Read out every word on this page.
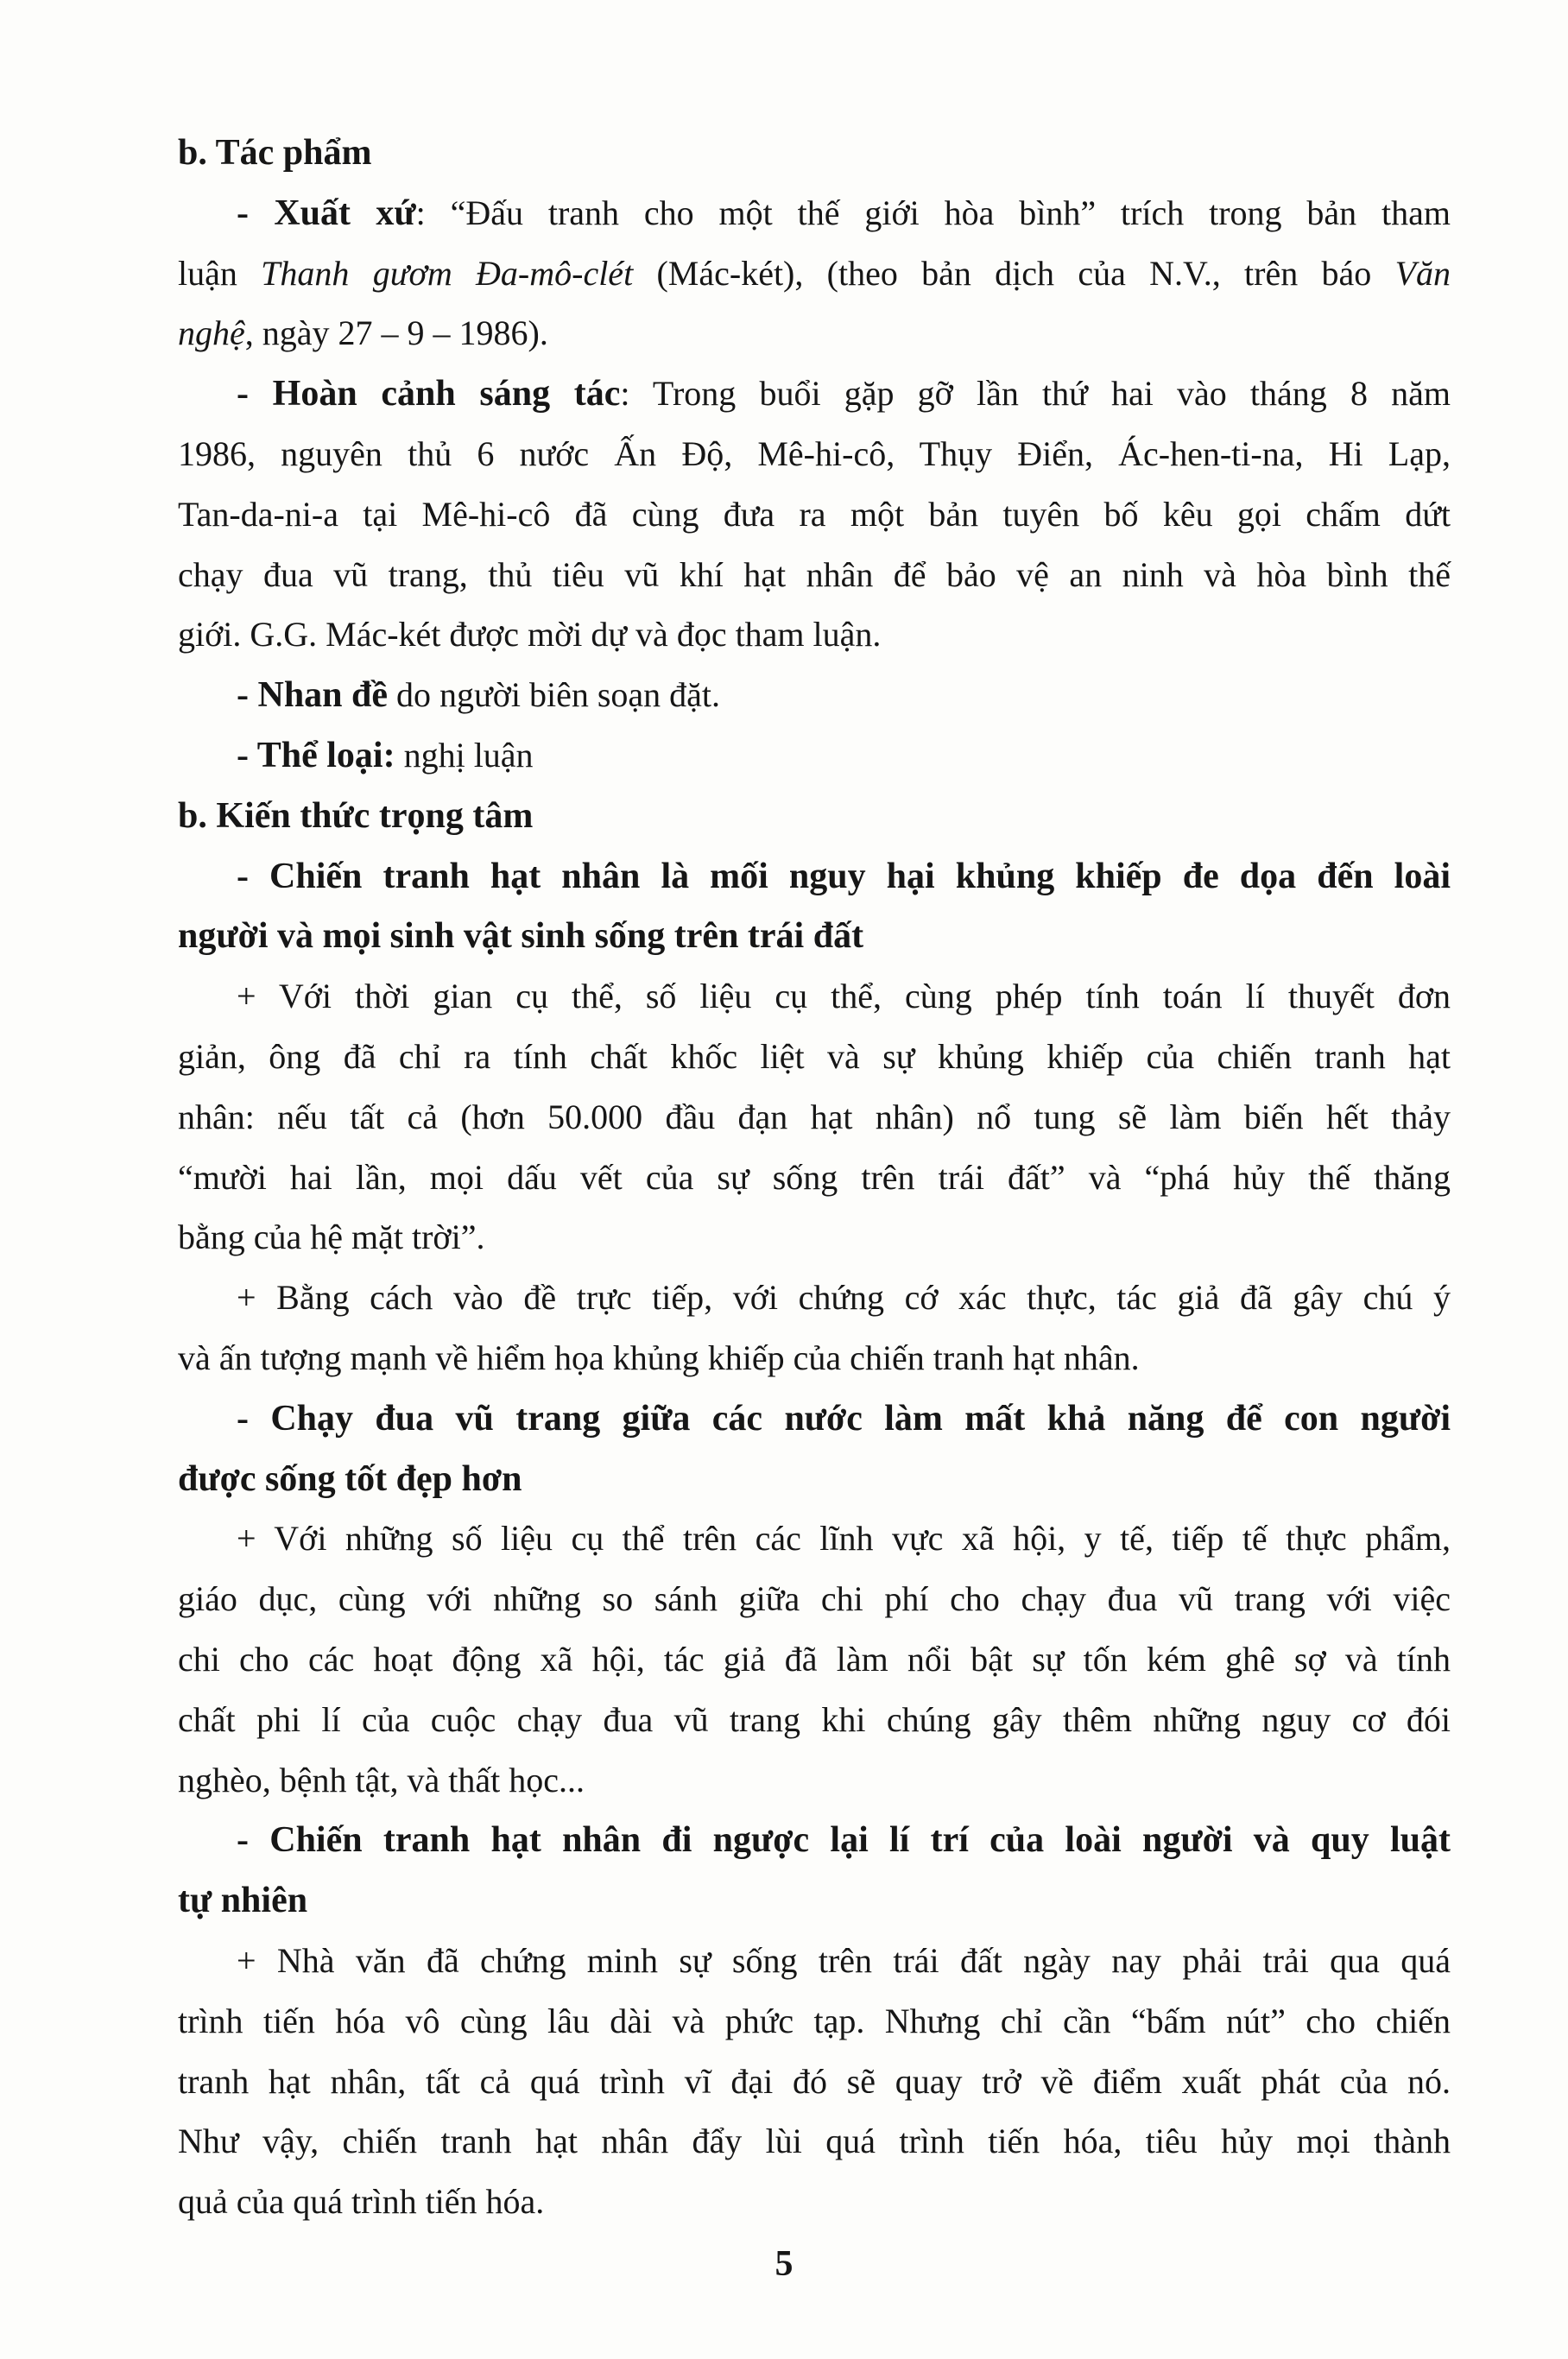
b. Tác phẩm
- Xuất xứ: “Đấu tranh cho một thế giới hòa bình” trích trong bản tham
luận Thanh gươm Đa-mô-clét (Mác-két), (theo bản dịch của N.V., trên báo Văn
nghệ, ngày 27 – 9 – 1986).
- Hoàn cảnh sáng tác: Trong buổi gặp gỡ lần thứ hai vào tháng 8 năm
1986, nguyên thủ 6 nước Ấn Độ, Mê-hi-cô, Thụy Điển, Ác-hen-ti-na, Hi Lạp,
Tan-da-ni-a tại Mê-hi-cô đã cùng đưa ra một bản tuyên bố kêu gọi chấm dứt
chạy đua vũ trang, thủ tiêu vũ khí hạt nhân để bảo vệ an ninh và hòa bình thế
giới. G.G. Mác-két được mời dự và đọc tham luận.
- Nhan đề do người biên soạn đặt.
- Thể loại: nghị luận
b. Kiến thức trọng tâm
- Chiến tranh hạt nhân là mối nguy hại khủng khiếp đe dọa đến loài
người và mọi sinh vật sinh sống trên trái đất
+ Với thời gian cụ thể, số liệu cụ thể, cùng phép tính toán lí thuyết đơn
giản, ông đã chỉ ra tính chất khốc liệt và sự khủng khiếp của chiến tranh hạt
nhân: nếu tất cả (hơn 50.000 đầu đạn hạt nhân) nổ tung sẽ làm biến hết thảy
“mười hai lần, mọi dấu vết của sự sống trên trái đất” và “phá hủy thế thăng
bằng của hệ mặt trời”.
+ Bằng cách vào đề trực tiếp, với chứng cớ xác thực, tác giả đã gây chú ý
và ấn tượng mạnh về hiểm họa khủng khiếp của chiến tranh hạt nhân.
- Chạy đua vũ trang giữa các nước làm mất khả năng để con người
được sống tốt đẹp hơn
+ Với những số liệu cụ thể trên các lĩnh vực xã hội, y tế, tiếp tế thực phẩm,
giáo dục, cùng với những so sánh giữa chi phí cho chạy đua vũ trang với việc
chi cho các hoạt động xã hội, tác giả đã làm nổi bật sự tốn kém ghê sợ và tính
chất phi lí của cuộc chạy đua vũ trang khi chúng gây thêm những nguy cơ đói
nghèo, bệnh tật, và thất học...
- Chiến tranh hạt nhân đi ngược lại lí trí của loài người và quy luật
tự nhiên
+ Nhà văn đã chứng minh sự sống trên trái đất ngày nay phải trải qua quá
trình tiến hóa vô cùng lâu dài và phức tạp. Nhưng chỉ cần “bấm nút” cho chiến
tranh hạt nhân, tất cả quá trình vĩ đại đó sẽ quay trở về điểm xuất phát của nó.
Như vậy, chiến tranh hạt nhân đẩy lùi quá trình tiến hóa, tiêu hủy mọi thành
quả của quá trình tiến hóa.
5
